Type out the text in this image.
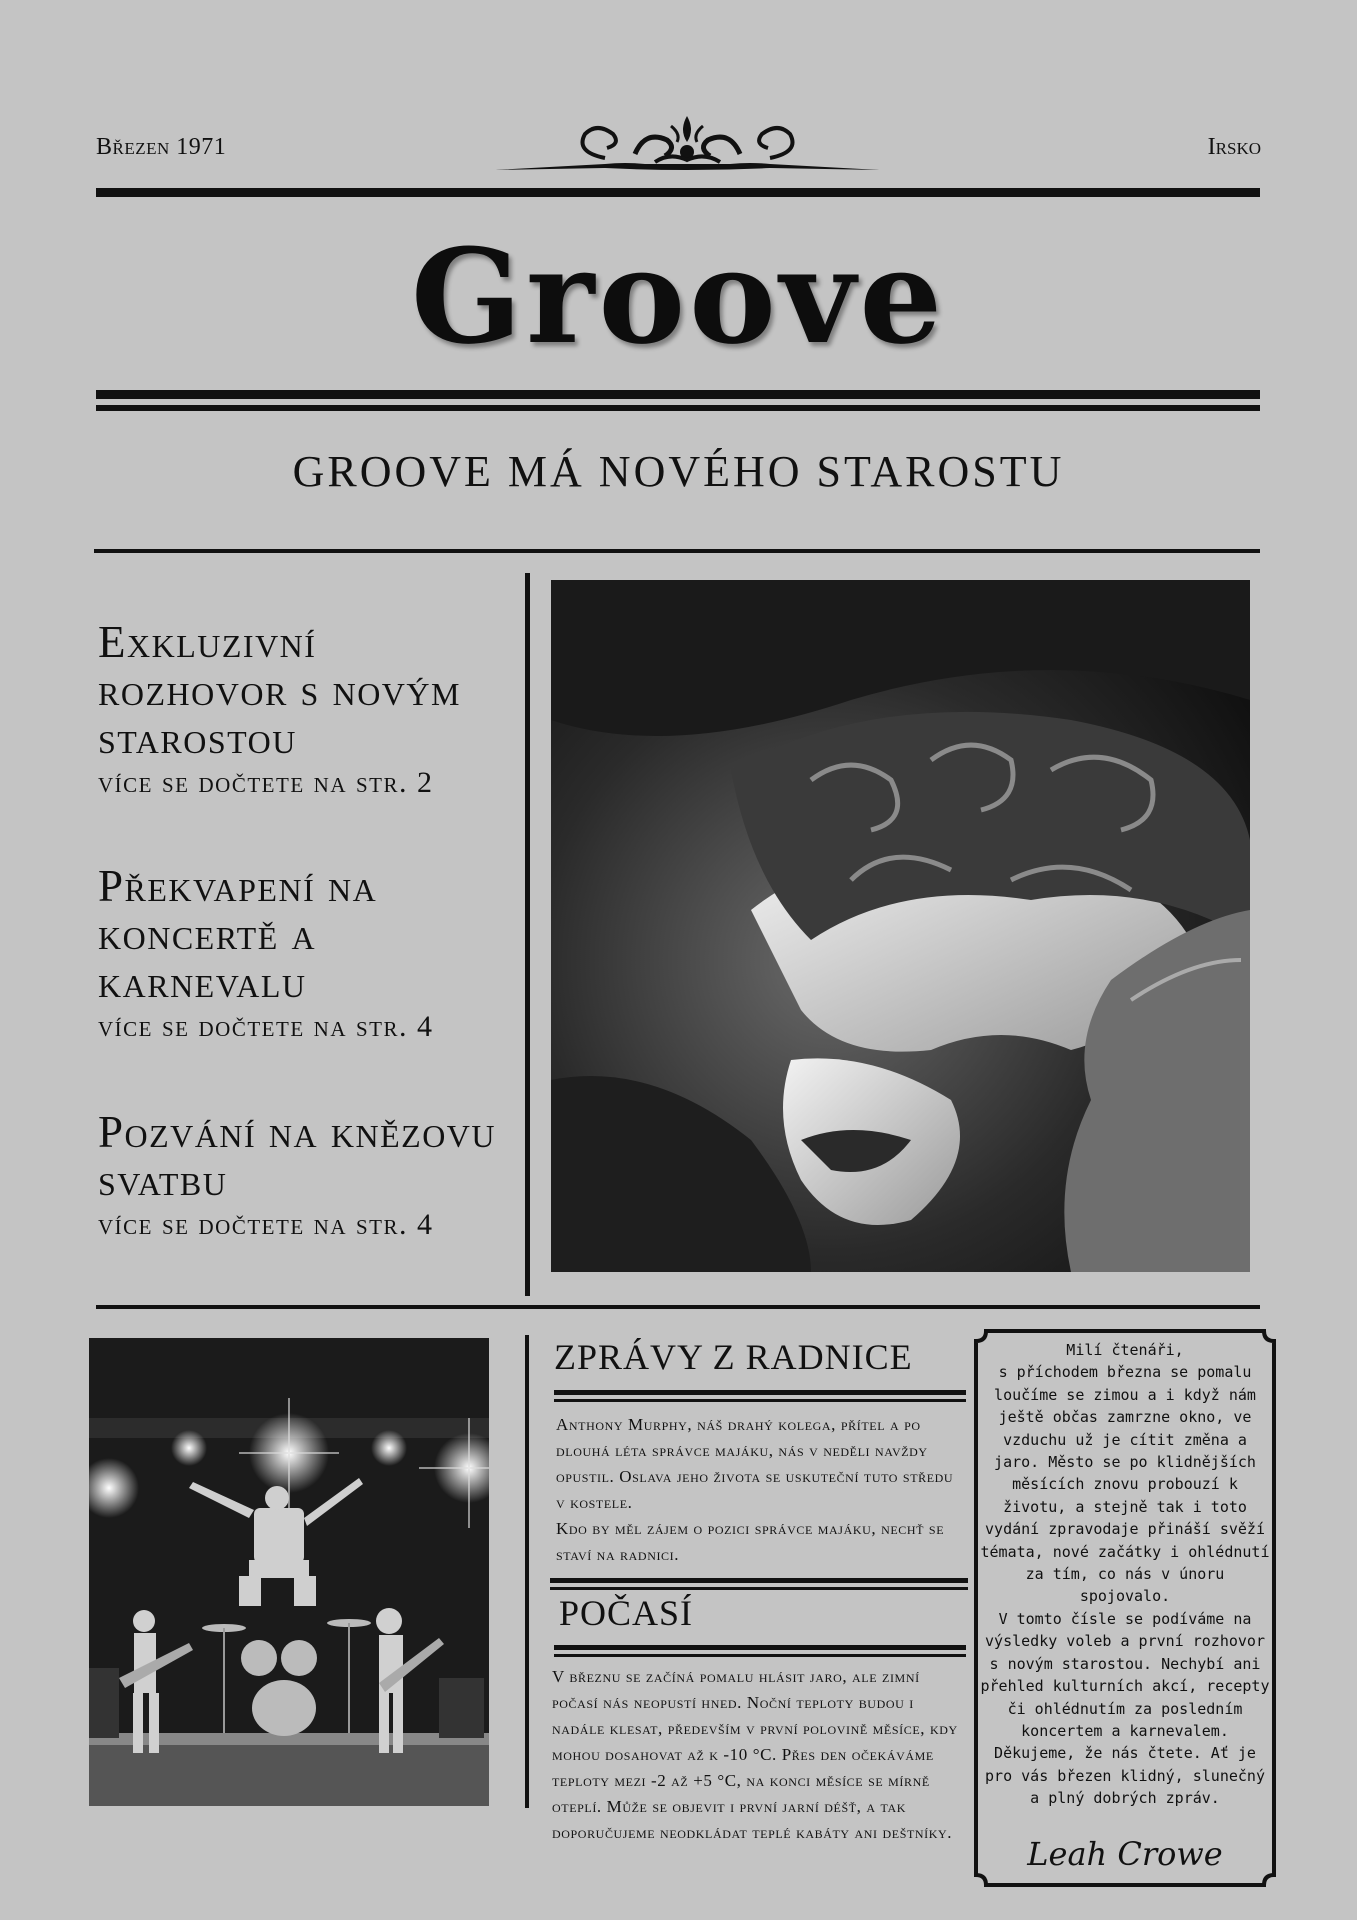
Březen 1971	Irsko
Groove
GROOVE MÁ NOVÉHO STAROSTU
Exkluzivní rozhovor s novým starostou

více se dočtete na str. 2

Překvapení na koncertě a karnevalu

více se dočtete na str. 4

Pozvání na knězovu svatbu

více se dočtete na str. 4

ZPRÁVY Z RADNICE
Anthony Murphy, náš drahý kolega, přítel a po dlouhá léta správce majáku, nás v neděli navždy opustil. Oslava jeho života se uskuteční tuto středu v kostele.
Kdo by měl zájem o pozici správce majáku, nechť se staví na radnici.
POČASÍ
V březnu se začíná pomalu hlásit jaro, ale zimní počasí nás neopustí hned. Noční teploty budou i nadále klesat, především v první polovině měsíce, kdy mohou dosahovat až k -10 °C. Přes den očekáváme teploty mezi -2 až +5 °C, na konci měsíce se mírně oteplí. Může se objevit i první jarní déšť, a tak doporučujeme neodkládat teplé kabáty ani deštníky.
Milí čtenáři,
s příchodem března se pomalu loučíme se zimou a i když nám ještě občas zamrzne okno, ve vzduchu už je cítit změna a jaro. Město se po klidnějších měsících znovu probouzí k životu, a stejně tak i toto vydání zpravodaje přináší svěží témata, nové začátky i ohlédnutí za tím, co nás v únoru spojovalo.
V tomto čísle se podíváme na výsledky voleb a první rozhovor s novým starostou. Nechybí ani přehled kulturních akcí, recepty či ohlédnutím za posledním koncertem a karnevalem.
Děkujeme, že nás čtete. Ať je pro vás březen klidný, slunečný a plný dobrých zpráv.
Leah Crowe
